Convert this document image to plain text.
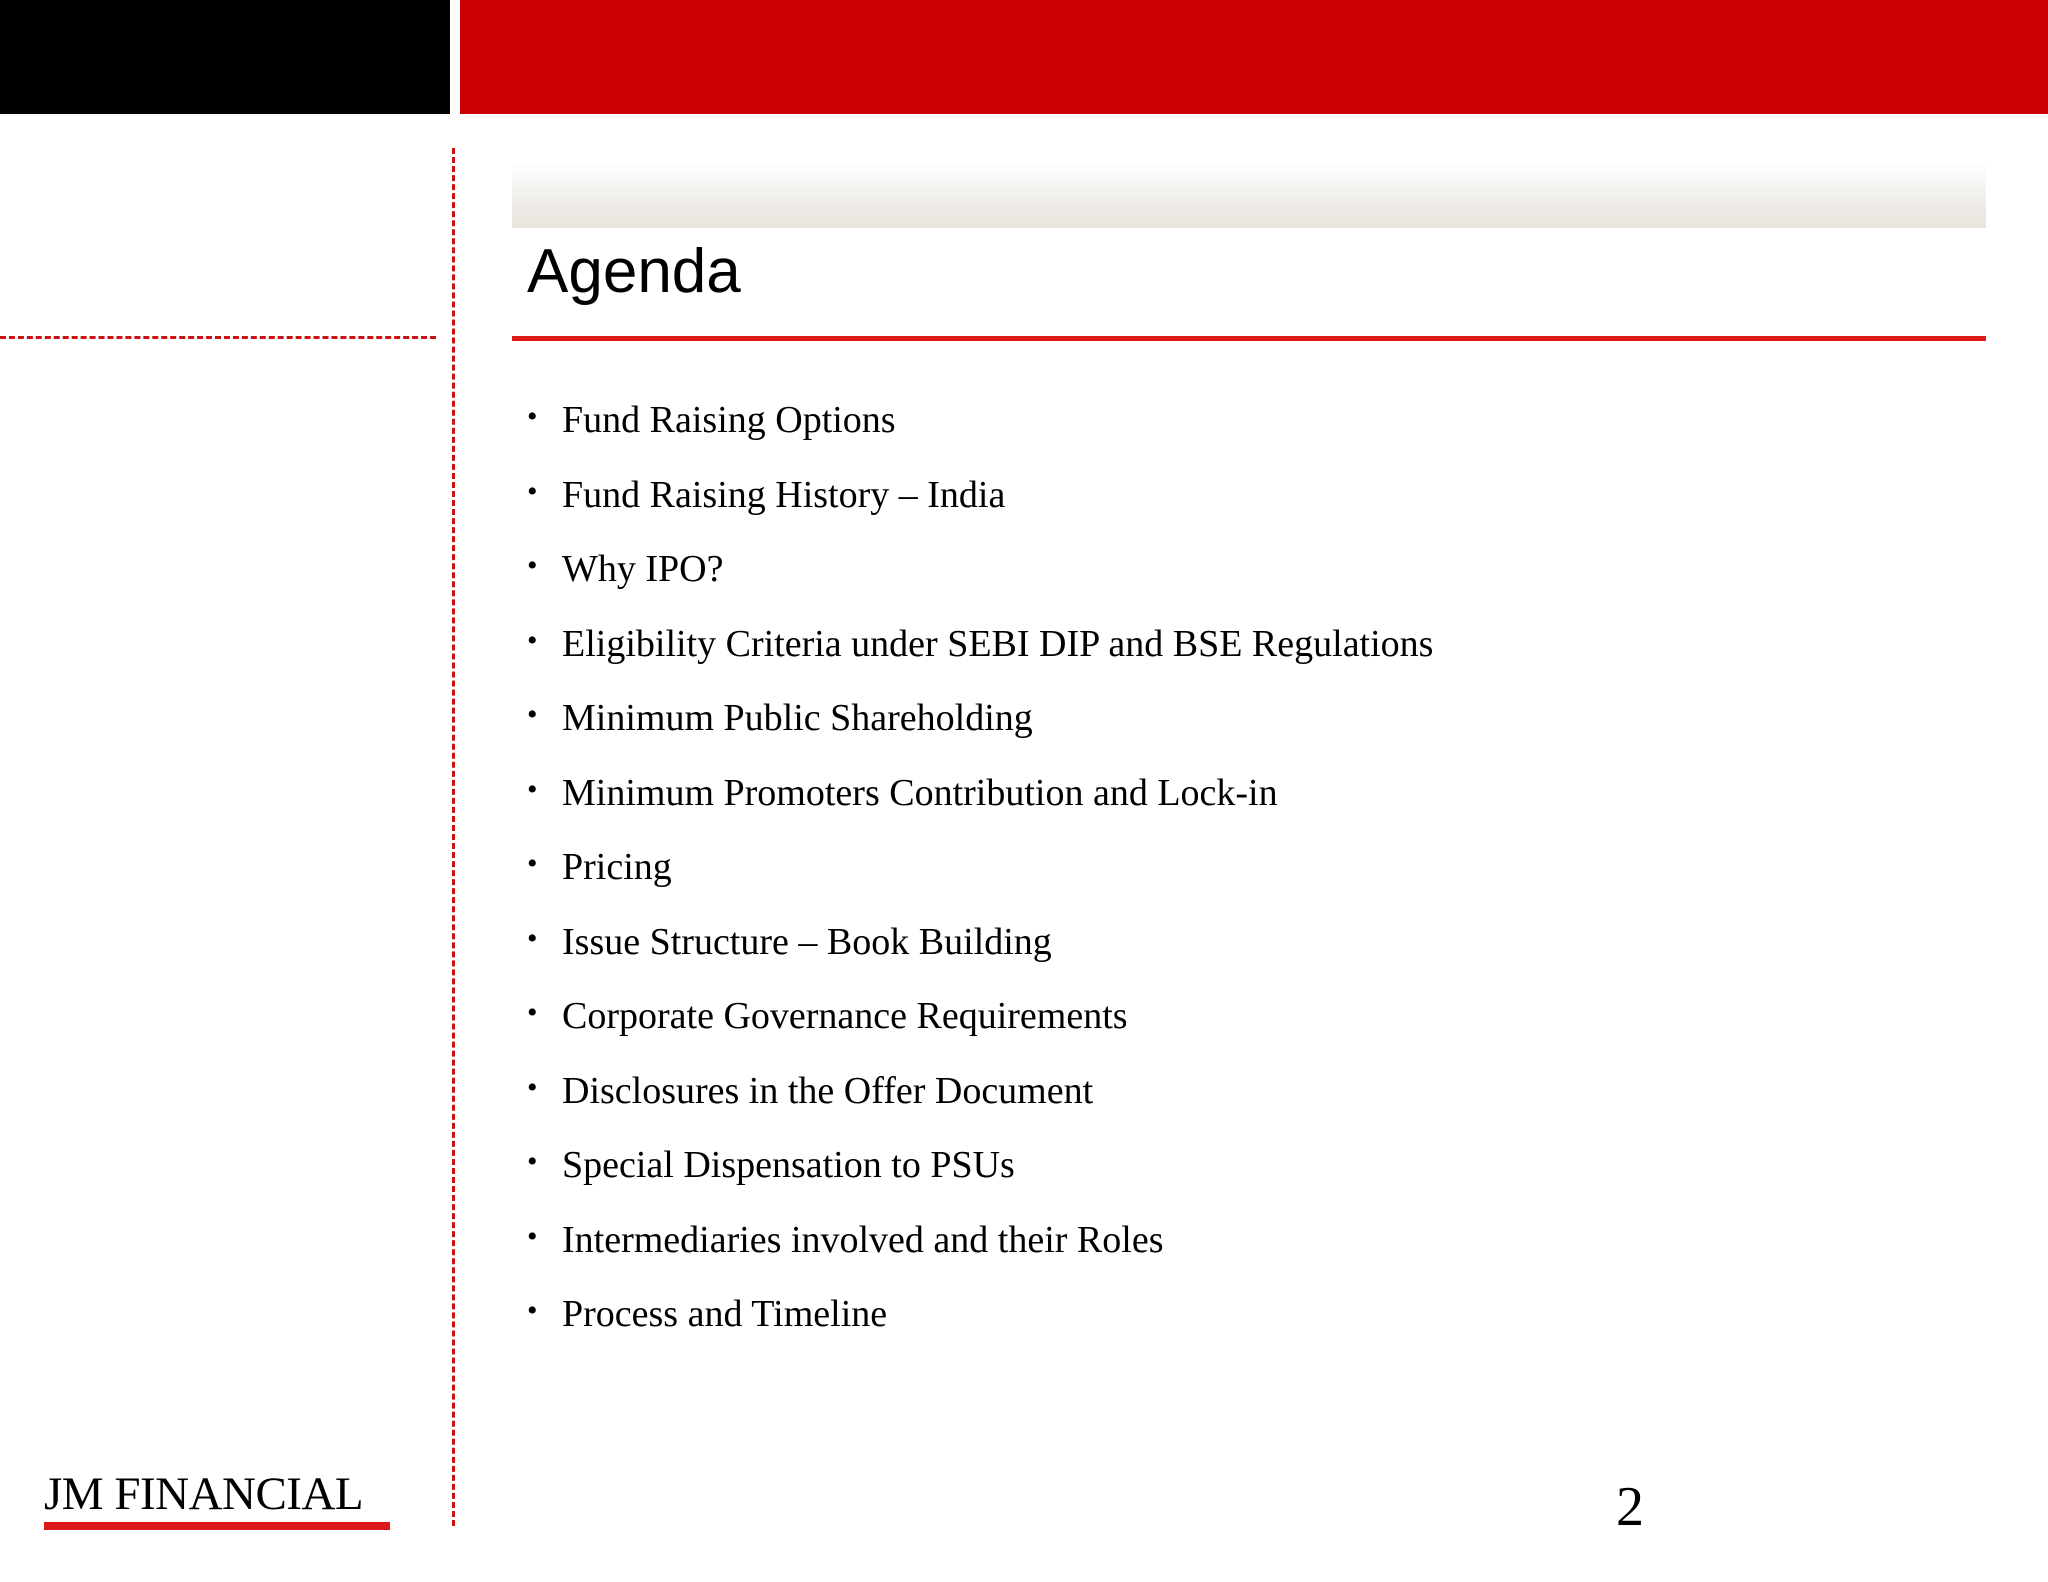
Agenda
• Fund Raising Options
• Fund Raising History – India
• Why IPO?
• Eligibility Criteria under SEBI DIP and BSE Regulations
• Minimum Public Shareholding
• Minimum Promoters Contribution and Lock-in
• Pricing
• Issue Structure – Book Building
• Corporate Governance Requirements
• Disclosures in the Offer Document
• Special Dispensation to PSUs
• Intermediaries involved and their Roles
• Process and Timeline
JM FINANCIAL	2
